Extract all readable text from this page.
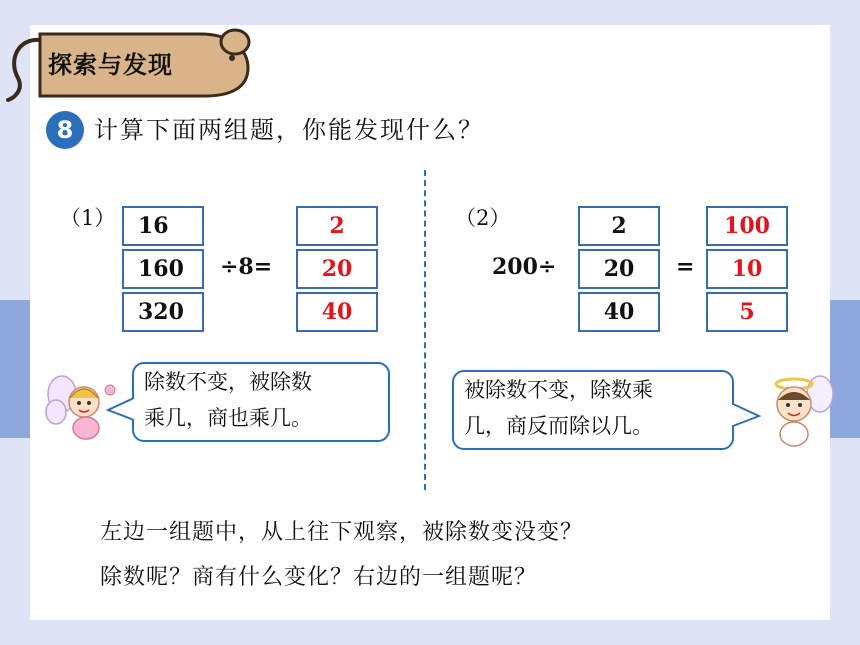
探索与发现
8 计算下面两组题，你能发现什么？
（1）	16
160
320
÷8=
2
20
40
（2）
200÷
2
20
40
=
100
10
5
除数不变，被除数
乘几，商也乘几。
被除数不变，除数乘
几，商反而除以几。
左边一组题中，从上往下观察，被除数变没变？
除数呢？商有什么变化？右边的一组题呢？
